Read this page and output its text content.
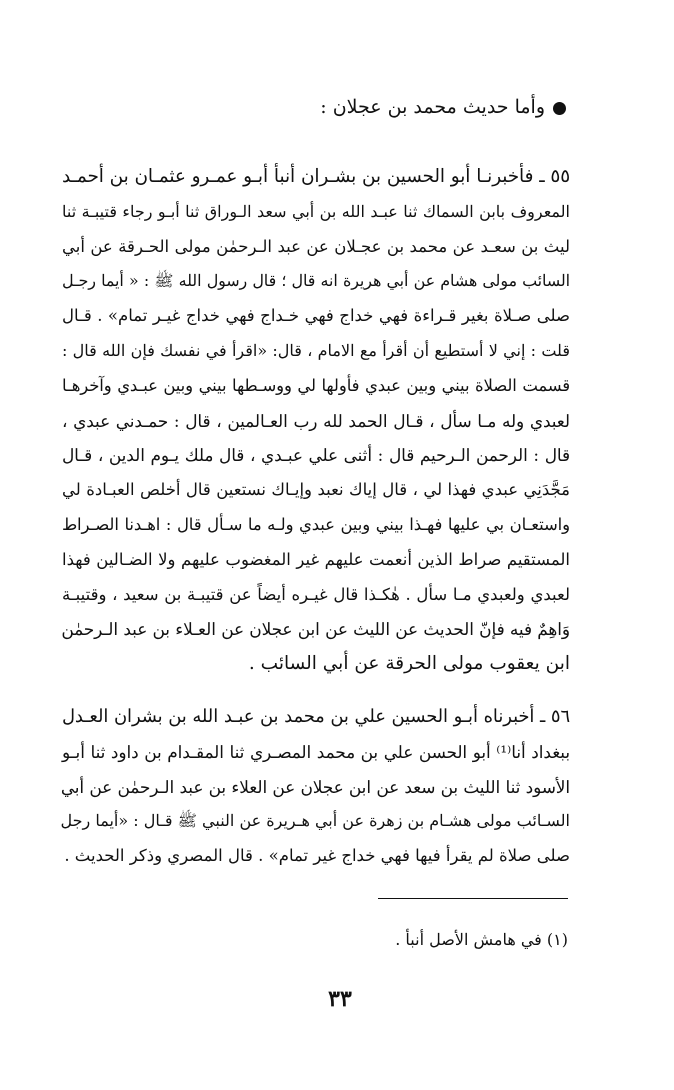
وأما حديث محمد بن عجلان :
٥٥ ـ فأخبرنـا أبو الحسين بن بشـران أنبأ أبـو عمـرو عثمـان بن أحمـد
المعروف بابن السماك ثنا عبـد الله بن أبي سعد الـوراق ثنا أبـو رجاء قتيبـة ثنا
ليث بن سعـد عن محمد بن عجـلان عن عبد الـرحمٰن مولى الحـرقة عن أبي
السائب مولى هشام عن أبي هريرة انه قال ؛ قال رسول الله ﷺ : « أيما رجـل
صلى صـلاة بغير قـراءة فهي خداج فهي خـداج فهي خداج غيـر تمام» . قـال
قلت : إني لا أستطيع أن أقرأ مع الامام ، قال: «اقرأ في نفسك فإن الله قال :
قسمت الصلاة بيني وبين عبدي فأولها لي ووسـطها بيني وبين عبـدي وآخرهـا
لعبدي وله مـا سأل ، قـال الحمد لله رب العـالمين ، قال : حمـدني عبدي ،
قال : الرحمن الـرحيم قال : أثنى علي عبـدي ، قال ملك يـوم الدين ، قـال
مَجَّدَنِي عبدي فهذا لي ، قال إياك نعبد وإيـاك نستعين قال أخلص العبـادة لي
واستعـان بي عليها فهـذا بيني وبين عبدي ولـه ما سـأل قال : اهـدنا الصـراط
المستقيم صراط الذين أنعمت عليهم غير المغضوب عليهم ولا الضـالين فهذا
لعبدي ولعبدي مـا سأل . هٰكـذا قال غيـره أيضاً عن قتيبـة بن سعيد ، وقتيبـة
وَاهِمٌ فيه فإنّ الحديث عن الليث عن ابن عجلان عن العـلاء بن عبد الـرحمٰن
ابن يعقوب مولى الحرقة عن أبي السائب .
٥٦ ـ أخبرناه أبـو الحسين علي بن محمد بن عبـد الله بن بشران العـدل
ببغداد أنا⁽¹⁾ أبو الحسن علي بن محمد المصـري ثنا المقـدام بن داود ثنا أبـو
الأسود ثنا الليث بن سعد عن ابن عجلان عن العلاء بن عبد الـرحمٰن عن أبي
السـائب مولى هشـام بن زهرة عن أبي هـريرة عن النبي ﷺ قـال : «أيما رجل
صلى صلاة لم يقرأ فيها فهي خداج غير تمام» . قال المصري وذكر الحديث .
(١) في هامش الأصل أنبأ .
٣٣
